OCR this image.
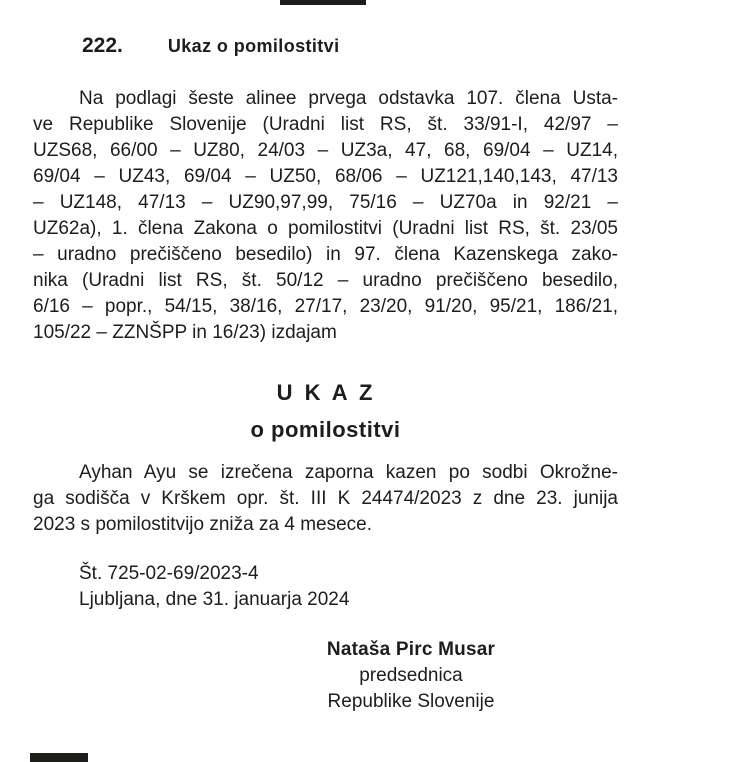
222.	Ukaz o pomilostitvi
Na podlagi šeste alinee prvega odstavka 107. člena Usta-
ve Republike Slovenije (Uradni list RS, št. 33/91-I, 42/97 –
UZS68, 66/00 – UZ80, 24/03 – UZ3a, 47, 68, 69/04 – UZ14,
69/04 – UZ43, 69/04 – UZ50, 68/06 – UZ121,140,143, 47/13
– UZ148, 47/13 – UZ90,97,99, 75/16 – UZ70a in 92/21 –
UZ62a), 1. člena Zakona o pomilostitvi (Uradni list RS, št. 23/05
– uradno prečiščeno besedilo) in 97. člena Kazenskega zako-
nika (Uradni list RS, št. 50/12 – uradno prečiščeno besedilo,
6/16 – popr., 54/15, 38/16, 27/17, 23/20, 91/20, 95/21, 186/21,
105/22 – ZZNŠPP in 16/23) izdajam
U K A Z
o pomilostitvi
Ayhan Ayu se izrečena zaporna kazen po sodbi Okrožne-
ga sodišča v Krškem opr. št. III K 24474/2023 z dne 23. junija
2023 s pomilostitvijo zniža za 4 mesece.
Št. 725-02-69/2023-4
Ljubljana, dne 31. januarja 2024
Nataša Pirc Musar
predsednica
Republike Slovenije
